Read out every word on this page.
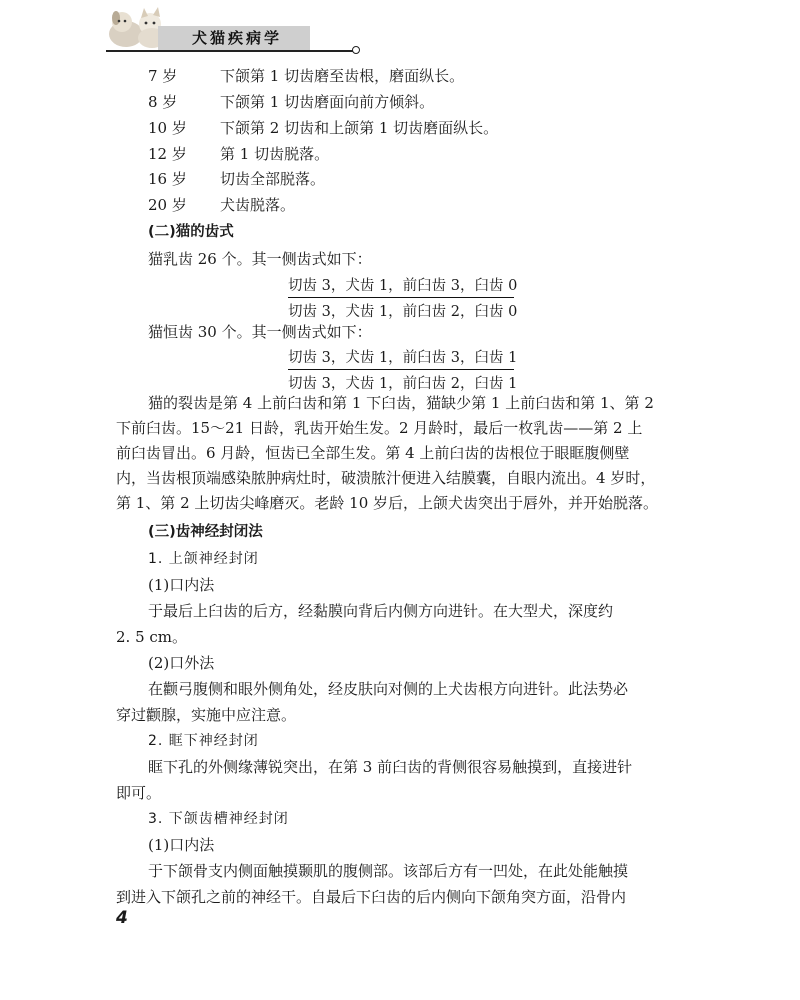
犬猫疾病学
7 岁	下颌第 1 切齿磨至齿根，磨面纵长。
8 岁	下颌第 1 切齿磨面向前方倾斜。
10 岁 下颌第 2 切齿和上颌第 1 切齿磨面纵长。
12 岁 第 1 切齿脱落。
16 岁 切齿全部脱落。
20 岁 犬齿脱落。
(二)猫的齿式
猫乳齿 26 个。其一侧齿式如下：
切齿 3，犬齿 1，前臼齿 3，臼齿 0
切齿 3，犬齿 1，前臼齿 2，臼齿 0
猫恒齿 30 个。其一侧齿式如下：
切齿 3，犬齿 1，前臼齿 3，臼齿 1
切齿 3，犬齿 1，前臼齿 2，臼齿 1
猫的裂齿是第 4 上前臼齿和第 1 下臼齿，猫缺少第 1 上前臼齿和第 1、第 2
下前臼齿。15～21 日龄，乳齿开始生发。2 月龄时，最后一枚乳齿——第 2 上
前臼齿冒出。6 月龄，恒齿已全部生发。第 4 上前臼齿的齿根位于眼眶腹侧壁
内，当齿根顶端感染脓肿病灶时，破溃脓汁便进入结膜囊，自眼内流出。4 岁时，
第 1、第 2 上切齿尖峰磨灭。老龄 10 岁后，上颌犬齿突出于唇外，并开始脱落。
(三)齿神经封闭法
1. 上颌神经封闭
(1)口内法
于最后上臼齿的后方，经黏膜向背后内侧方向进针。在大型犬，深度约
2. 5 cm。
(2)口外法
在颧弓腹侧和眼外侧角处，经皮肤向对侧的上犬齿根方向进针。此法势必
穿过颧腺，实施中应注意。
2. 眶下神经封闭
眶下孔的外侧缘薄锐突出，在第 3 前臼齿的背侧很容易触摸到，直接进针
即可。
3. 下颌齿槽神经封闭
(1)口内法
于下颌骨支内侧面触摸颞肌的腹侧部。该部后方有一凹处，在此处能触摸
到进入下颌孔之前的神经干。自最后下臼齿的后内侧向下颌角突方面，沿骨内
4
